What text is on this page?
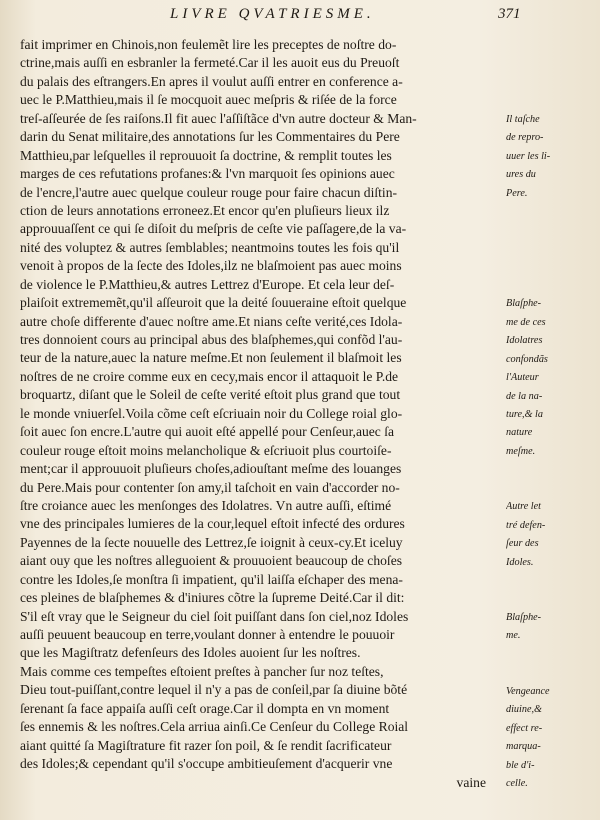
LIVRE QVATRIESME.	371
fait imprimer en Chinois,non feulemẽt lire les preceptes de noſtre do-
ctrine,mais auſſi en esbranler la fermeté.Car il les auoit eus du Preuoſt
du palais des eſtrangers.En apres il voulut auſſi entrer en conference a-
uec le P.Matthieu,mais il ſe mocquoit auec meſpris & riſée de la force
treſ-aſſeurée de ſes raiſons.Il fit auec l'aſſiſtãce d'vn autre docteur & Man-
darin du Senat militaire,des annotations ſur les Commentaires du Pere
Matthieu,par leſquelles il reprouuoit ſa doctrine, & remplit toutes les
marges de ces refutations profanes:& l'vn marquoit ſes opinions auec
de l'encre,l'autre auec quelque couleur rouge pour faire chacun diſtin-
ction de leurs annotations erroneez.Et encor qu'en pluſieurs lieux ilz
approuuaſſent ce qui ſe diſoit du meſpris de ceſte vie paſſagere,de la va-
nité des voluptez & autres ſemblables; neantmoins toutes les fois qu'il
venoit à propos de la ſecte des Idoles,ilz ne blaſmoient pas auec moins
de violence le P.Matthieu,& autres Lettrez d'Europe. Et cela leur deſ-
plaiſoit extrememẽt,qu'il aſſeuroit que la deité ſouueraine eſtoit quelque
autre choſe differente d'auec noſtre ame.Et nians ceſte verité,ces Idola-
tres donnoient cours au principal abus des blaſphemes,qui confõd l'au-
teur de la nature,auec la nature meſme.Et non ſeulement il blaſmoit les
noſtres de ne croire comme eux en cecy,mais encor il attaquoit le P.de
broquartz, diſant que le Soleil de ceſte verité eſtoit plus grand que tout
le monde vniuerſel.Voila cõme ceſt eſcriuain noir du College roial glo-
ſoit auec ſon encre.L'autre qui auoit eſté appellé pour Cenſeur,auec ſa
couleur rouge eſtoit moins melancholique & eſcriuoit plus courtoiſe-
ment;car il approuuoit pluſieurs choſes,adiouſtant meſme des louanges
du Pere.Mais pour contenter ſon amy,il taſchoit en vain d'accorder no-
ſtre croiance auec les menſonges des Idolatres. Vn autre auſſi, eſtimé
vne des principales lumieres de la cour,lequel eſtoit infecté des ordures
Payennes de la ſecte nouuelle des Lettrez,ſe ioignit à ceux-cy.Et iceluy
aiant ouy que les noſtres alleguoient & prouuoient beaucoup de choſes
contre les Idoles,ſe monſtra ſi impatient, qu'il laiſſa eſchaper des mena-
ces pleines de blaſphemes & d'iniures cõtre la ſupreme Deité.Car il dit:
S'il eſt vray que le Seigneur du ciel ſoit puiſſant dans ſon ciel,noz Idoles
auſſi peuuent beaucoup en terre,voulant donner à entendre le pouuoir
que les Magiſtratz defenſeurs des Idoles auoient ſur les noſtres.
Mais comme ces tempeſtes eſtoient preſtes à pancher ſur noz teſtes,
Dieu tout-puiſſant,contre lequel il n'y a pas de conſeil,par ſa diuine bõté
ſerenant ſa face appaiſa auſſi ceſt orage.Car il dompta en vn moment
ſes ennemis & les noſtres.Cela arriua ainſi.Ce Cenſeur du College Roial
aiant quitté ſa Magiſtrature fit razer ſon poil, & ſe rendit ſacrificateur
des Idoles;& cependant qu'il s'occupe ambitieuſement d'acquerir vne
vaine
Il taſche
de repro-
uuer les li-
ures du
Pere.
Blaſphe-
me de ces
Idolatres
confondãs
l'Auteur
de la na-
ture,& la
nature
meſme.
Autre let
tré defen-
ſeur des
Idoles.
Blaſphe-
me.
Vengeance
diuine,&
effect re-
marqua-
ble d'i-
celle.
